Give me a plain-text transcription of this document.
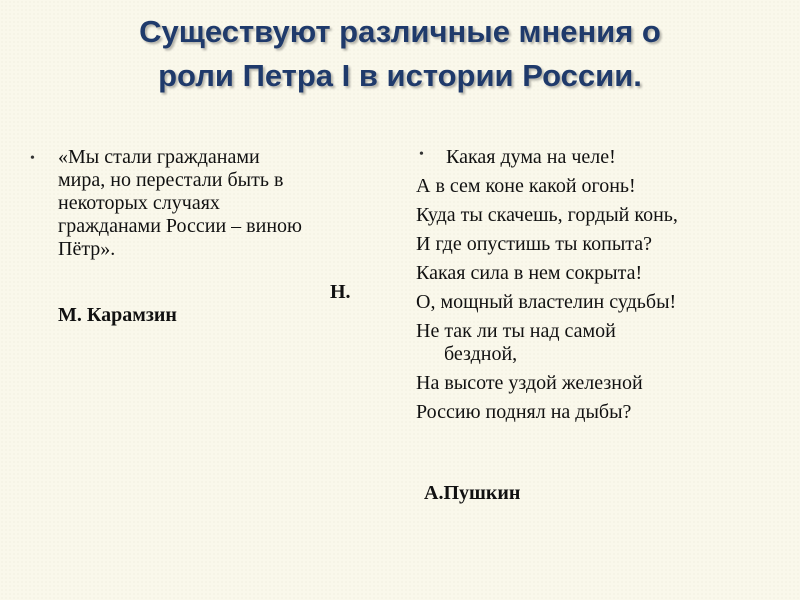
Существуют различные мнения о
роли Петра I в истории России.
•	«Мы стали гражданами
мира, но перестали быть в
некоторых случаях
гражданами России – виною
Пётр».
Н.
М. Карамзин
•	Какая дума на челе!
А в сем коне какой огонь!
Куда ты скачешь, гордый конь,
И где опустишь ты копыта?
Какая сила в нем сокрыта!
О, мощный властелин судьбы!
Не так ли ты над самой
бездной,
На высоте уздой железной
Россию поднял на дыбы?
А.Пушкин
